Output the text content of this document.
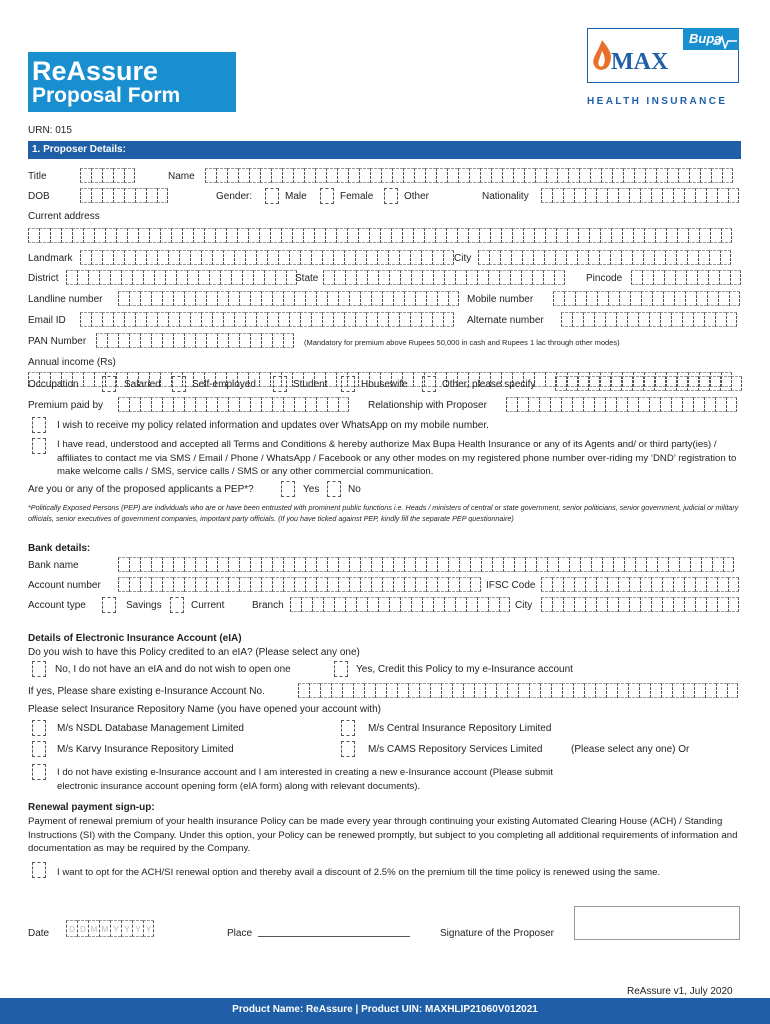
ReAssure
Proposal Form
Bupa
MAX
HEALTH INSURANCE
URN: 015
1. Proposer Details:
Title	Name
DOB	Gender:	Male	Female	Other	Nationality
Current address
Landmark	City
District	State	Pincode
Landline number	Mobile number
Email ID	Alternate number
PAN Number	(Mandatory for premium above Rupees 50,000 in cash and Rupees 1 lac through other modes)
Annual income (Rs)
Occupation	Salaried	Self-employed	Student	Housewife	Other, please specify
Premium paid by	Relationship with Proposer
I wish to receive my policy related information and updates over WhatsApp on my mobile number.
I have read, understood and accepted all Terms and Conditions & hereby authorize Max Bupa Health Insurance or any of its Agents and/ or third party(ies) / affiliates to contact me via SMS / Email / Phone / WhatsApp / Facebook or any other modes on my registered phone number over-riding my ‘DND’ registration to make welcome calls / SMS, service calls / SMS or any other commercial communication.
Are you or any of the proposed applicants a PEP*?	Yes	No
*Politically Exposed Persons (PEP) are individuals who are or have been entrusted with prominent public functions i.e. Heads / ministers of central or state government, senior politicians, senior government, judicial or military officials, senior executives of government companies, important party officials. (If you have ticked against PEP, kindly fill the separate PEP questionnaire)
Bank details:
Bank name
Account number	IFSC Code
Account type	Savings	Current	Branch	City
Details of Electronic Insurance Account (eIA)
Do you wish to have this Policy credited to an eIA? (Please select any one)
No, I do not have an eIA and do not wish to open one	Yes, Credit this Policy to my e-Insurance account
If yes, Please share existing e-Insurance Account No.
Please select Insurance Repository Name (you have opened your account with)
M/s NSDL Database Management Limited	M/s Central Insurance Repository Limited
M/s Karvy Insurance Repository Limited	M/s CAMS Repository Services Limited	(Please select any one) Or
I do not have existing e-Insurance account and I am interested in creating a new e-Insurance account (Please submit electronic insurance account opening form (eIA form) along with relevant documents).
Renewal payment sign-up:
Payment of renewal premium of your health insurance Policy can be made every year through continuing your existing Automated Clearing House (ACH) / Standing Instructions (SI) with the Company. Under this option, your Policy can be renewed promptly, but subject to you completing all additional requirements of information and documentation as may be required by the Company.
I want to opt for the ACH/SI renewal option and thereby avail a discount of 2.5% on the premium till the time policy is renewed using the same.
Date	D D M M Y Y Y Y	Place	Signature of the Proposer
ReAssure v1, July 2020
Product Name: ReAssure | Product UIN: MAXHLIP21060V012021
